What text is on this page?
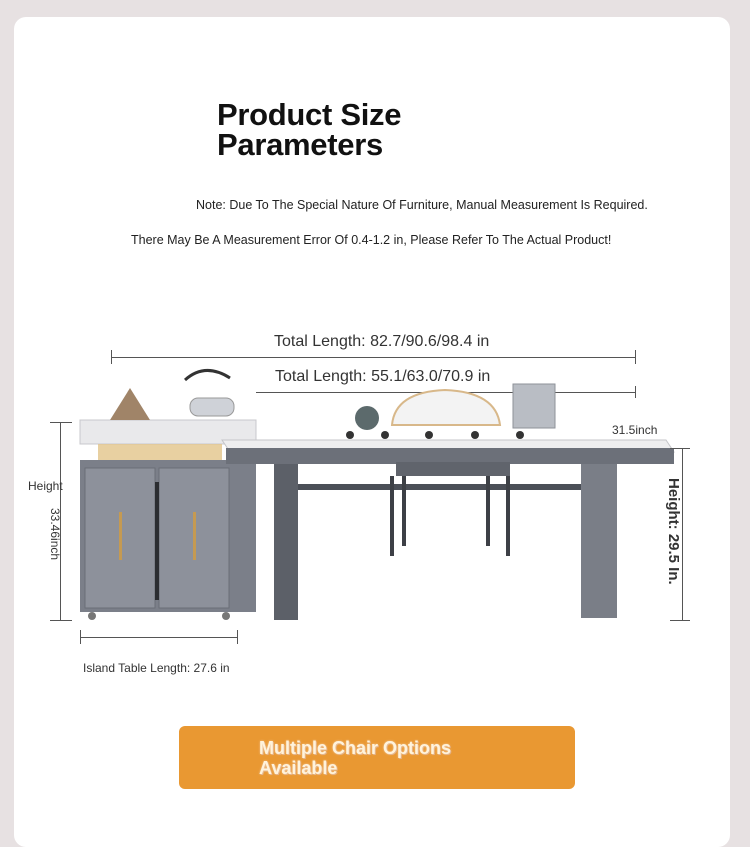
Product Size
Parameters
Note: Due To The Special Nature Of Furniture, Manual Measurement Is Required.
There May Be A Measurement Error Of 0.4-1.2 in, Please Refer To The Actual Product!
Total Length: 82.7/90.6/98.4 in
Total Length: 55.1/63.0/70.9 in
Height
33.46inch
Island Table Length: 27.6 in
31.5inch
Height: 29.5 In.
Multiple Chair Options Available
